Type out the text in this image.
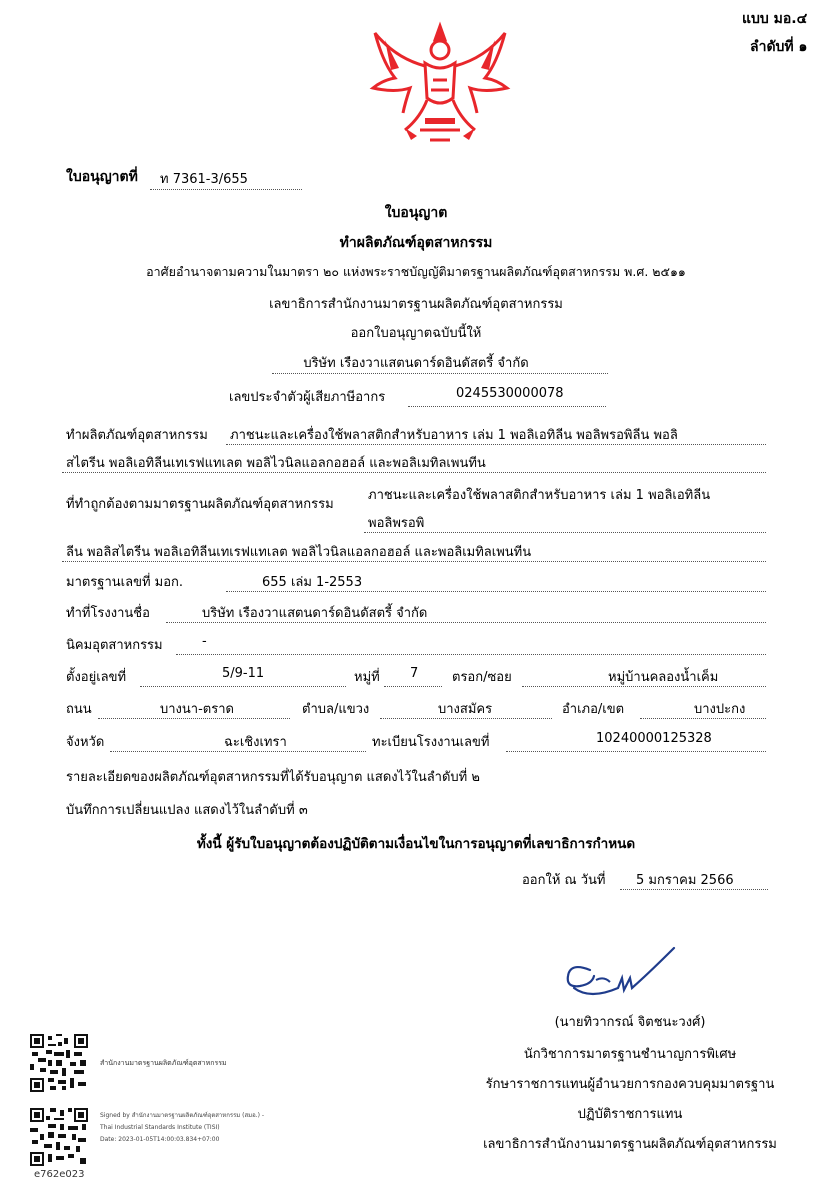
แบบ มอ.๔
ลำดับที่ ๑
ใบอนุญาตที่ ท 7361-3/655
ใบอนุญาต
ทำผลิตภัณฑ์อุตสาหกรรม
อาศัยอำนาจตามความในมาตรา ๒๐ แห่งพระราชบัญญัติมาตรฐานผลิตภัณฑ์อุตสาหกรรม พ.ศ. ๒๕๑๑
เลขาธิการสำนักงานมาตรฐานผลิตภัณฑ์อุตสาหกรรม
ออกใบอนุญาตฉบับนี้ให้
บริษัท เรืองวาแสตนดาร์ดอินดัสตรี้ จำกัด
เลขประจำตัวผู้เสียภาษีอากร	0245530000078
ทำผลิตภัณฑ์อุตสาหกรรม ภาชนะและเครื่องใช้พลาสติกสำหรับอาหาร เล่ม 1 พอลิเอทิลีน พอลิพรอพิลีน พอลิ
สไตรีน พอลิเอทิลีนเทเรฟแทเลต พอลิไวนิลแอลกอฮอล์ และพอลิเมทิลเพนทีน
ที่ทำถูกต้องตามมาตรฐานผลิตภัณฑ์อุตสาหกรรม
ภาชนะและเครื่องใช้พลาสติกสำหรับอาหาร เล่ม 1 พอลิเอทิลีน
พอลิพรอพิ
ลีน พอลิสไตรีน พอลิเอทิลีนเทเรฟแทเลต พอลิไวนิลแอลกอฮอล์ และพอลิเมทิลเพนทีน
มาตรฐานเลขที่ มอก.	655 เล่ม 1-2553
ทำที่โรงงานชื่อ	บริษัท เรืองวาแสตนดาร์ดอินดัสตรี้ จำกัด
นิคมอุตสาหกรรม	-
ตั้งอยู่เลขที่	5/9-11	หมู่ที่ 7	ตรอก/ซอย	หมู่บ้านคลองน้ำเค็ม
ถนน	บางนา-ตราด	ตำบล/แขวง	บางสมัคร	อำเภอ/เขต	บางปะกง
จังหวัด	ฉะเชิงเทรา	ทะเบียนโรงงานเลขที่	10240000125328
รายละเอียดของผลิตภัณฑ์อุตสาหกรรมที่ได้รับอนุญาต แสดงไว้ในลำดับที่ ๒
บันทึกการเปลี่ยนแปลง แสดงไว้ในลำดับที่ ๓
ทั้งนี้ ผู้รับใบอนุญาตต้องปฏิบัติตามเงื่อนไขในการอนุญาตที่เลขาธิการกำหนด
ออกให้ ณ วันที่ 5 มกราคม 2566
(นายทิวากรณ์ จิตชนะวงศ์)
นักวิชาการมาตรฐานชำนาญการพิเศษ
รักษาราชการแทนผู้อำนวยการกองควบคุมมาตรฐาน
ปฏิบัติราชการแทน
เลขาธิการสำนักงานมาตรฐานผลิตภัณฑ์อุตสาหกรรม
สำนักงานมาตรฐานผลิตภัณฑ์อุตสาหกรรม
Signed by สำนักงานมาตรฐานผลิตภัณฑ์อุตสาหกรรม (สมอ.) -
Thai Industrial Standards Institute (TISI)
Date: 2023-01-05T14:00:03.834+07:00
e762e023
